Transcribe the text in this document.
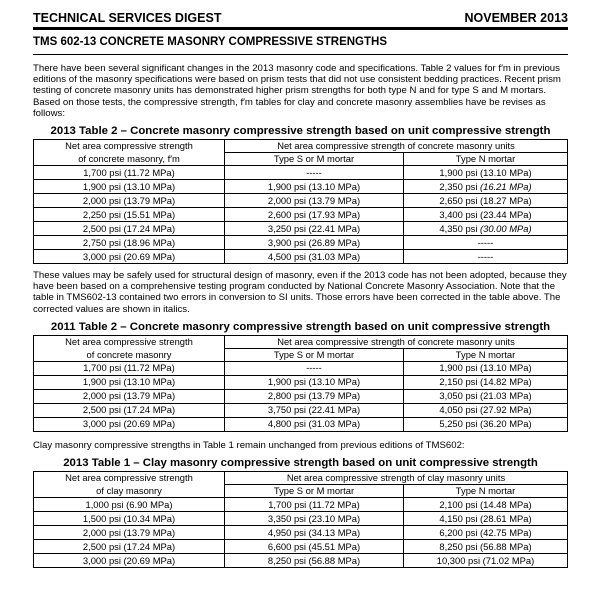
TECHNICAL SERVICES DIGEST	NOVEMBER 2013
TMS 602-13 CONCRETE MASONRY COMPRESSIVE STRENGTHS

There have been several significant changes in the 2013 masonry code and specifications. Table 2 values for f′m in previous editions of the masonry specifications were based on prism tests that did not use consistent bedding practices. Recent prism testing of concrete masonry units has demonstrated higher prism strengths for both type N and for type S and M mortars. Based on those tests, the compressive strength, f′m tables for clay and concrete masonry assemblies have be revises as follows:

2013 Table 2 – Concrete masonry compressive strength based on unit compressive strength
Net area compressive strength	Net area compressive strength of concrete masonry units	
of concrete masonry, f′m	Type S or M mortar	Type N mortar
1,700 psi (11.72 MPa)	-----	1,900 psi (13.10 MPa)
1,900 psi (13.10 MPa)	1,900 psi (13.10 MPa)	2,350 psi (16.21 MPa)
2,000 psi (13.79 MPa)	2,000 psi (13.79 MPa)	2,650 psi (18.27 MPa)
2,250 psi (15.51 MPa)	2,600 psi (17.93 MPa)	3,400 psi (23.44 MPa)
2,500 psi (17.24 MPa)	3,250 psi (22.41 MPa)	4,350 psi (30.00 MPa)
2,750 psi (18.96 MPa)	3,900 psi (26.89 MPa)	-----
3,000 psi (20.69 MPa)	4,500 psi (31.03 MPa)	-----

These values may be safely used for structural design of masonry, even if the 2013 code has not been adopted, because they have been based on a comprehensive testing program conducted by National Concrete Masonry Association. Note that the table in TMS602-13 contained two errors in conversion to SI units. Those errors have been corrected in the table above. The corrected values are shown in italics.

2011 Table 2 – Concrete masonry compressive strength based on unit compressive strength
Net area compressive strength	Net area compressive strength of concrete masonry units	
of concrete masonry	Type S or M mortar	Type N mortar
1,700 psi (11.72 MPa)	-----	1,900 psi (13.10 MPa)
1,900 psi (13.10 MPa)	1,900 psi (13.10 MPa)	2,150 psi (14.82 MPa)
2,000 psi (13.79 MPa)	2,800 psi (13.79 MPa)	3,050 psi (21.03 MPa)
2,500 psi (17.24 MPa)	3,750 psi (22.41 MPa)	4,050 psi (27.92 MPa)
3,000 psi (20.69 MPa)	4,800 psi (31.03 MPa)	5,250 psi (36.20 MPa)

Clay masonry compressive strengths in Table 1 remain unchanged from previous editions of TMS602:

2013 Table 1 – Clay masonry compressive strength based on unit compressive strength
Net area compressive strength	Net area compressive strength of clay masonry units	
of clay masonry	Type S or M mortar	Type N mortar
1,000 psi (6.90 MPa)	1,700 psi (11.72 MPa)	2,100 psi (14.48 MPa)
1,500 psi (10.34 MPa)	3,350 psi (23.10 MPa)	4,150 psi (28.61 MPa)
2,000 psi (13.79 MPa)	4,950 psi (34.13 MPa)	6,200 psi (42.75 MPa)
2,500 psi (17.24 MPa)	6,600 psi (45.51 MPa)	8,250 psi (56.88 MPa)
3,000 psi (20.69 MPa)	8,250 psi (56.88 MPa)	10,300 psi (71.02 MPa)
